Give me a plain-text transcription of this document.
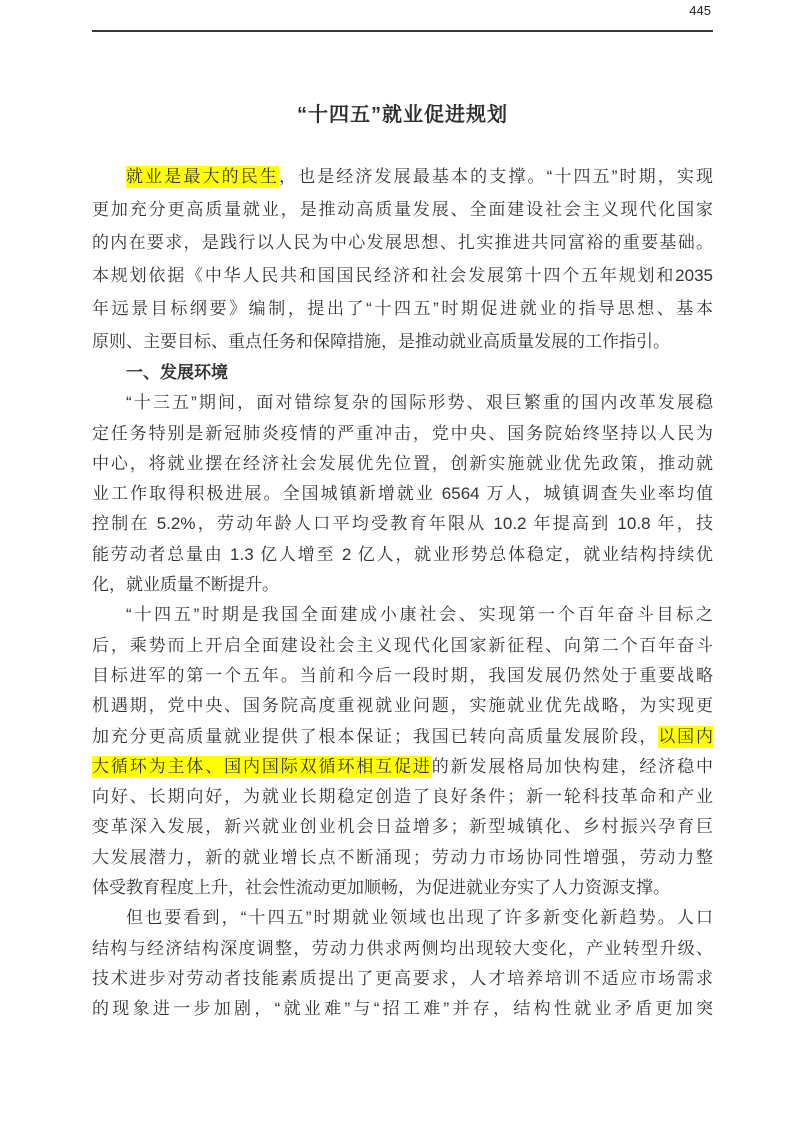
445
“十四五”就业促进规划
就业是最大的民生，也是经济发展最基本的支撑。“十四五”时期，实现
更加充分更高质量就业，是推动高质量发展、全面建设社会主义现代化国家
的内在要求，是践行以人民为中心发展思想、扎实推进共同富裕的重要基础。
本规划依据《中华人民共和国国民经济和社会发展第十四个五年规划和2035
年远景目标纲要》编制，提出了“十四五”时期促进就业的指导思想、基本
原则、主要目标、重点任务和保障措施，是推动就业高质量发展的工作指引。
一、发展环境
“十三五”期间，面对错综复杂的国际形势、艰巨繁重的国内改革发展稳
定任务特别是新冠肺炎疫情的严重冲击，党中央、国务院始终坚持以人民为
中心，将就业摆在经济社会发展优先位置，创新实施就业优先政策，推动就
业工作取得积极进展。全国城镇新增就业 6564 万人，城镇调查失业率均值
控制在 5.2%，劳动年龄人口平均受教育年限从 10.2 年提高到 10.8 年，技
能劳动者总量由 1.3 亿人增至 2 亿人，就业形势总体稳定，就业结构持续优
化，就业质量不断提升。
“十四五”时期是我国全面建成小康社会、实现第一个百年奋斗目标之
后，乘势而上开启全面建设社会主义现代化国家新征程、向第二个百年奋斗
目标进军的第一个五年。当前和今后一段时期，我国发展仍然处于重要战略
机遇期，党中央、国务院高度重视就业问题，实施就业优先战略，为实现更
加充分更高质量就业提供了根本保证；我国已转向高质量发展阶段，以国内
大循环为主体、国内国际双循环相互促进的新发展格局加快构建，经济稳中
向好、长期向好，为就业长期稳定创造了良好条件；新一轮科技革命和产业
变革深入发展，新兴就业创业机会日益增多；新型城镇化、乡村振兴孕育巨
大发展潜力，新的就业增长点不断涌现；劳动力市场协同性增强，劳动力整
体受教育程度上升，社会性流动更加顺畅，为促进就业夯实了人力资源支撑。
但也要看到，“十四五”时期就业领域也出现了许多新变化新趋势。人口
结构与经济结构深度调整，劳动力供求两侧均出现较大变化，产业转型升级、
技术进步对劳动者技能素质提出了更高要求，人才培养培训不适应市场需求
的现象进一步加剧，“就业难”与“招工难”并存，结构性就业矛盾更加突
